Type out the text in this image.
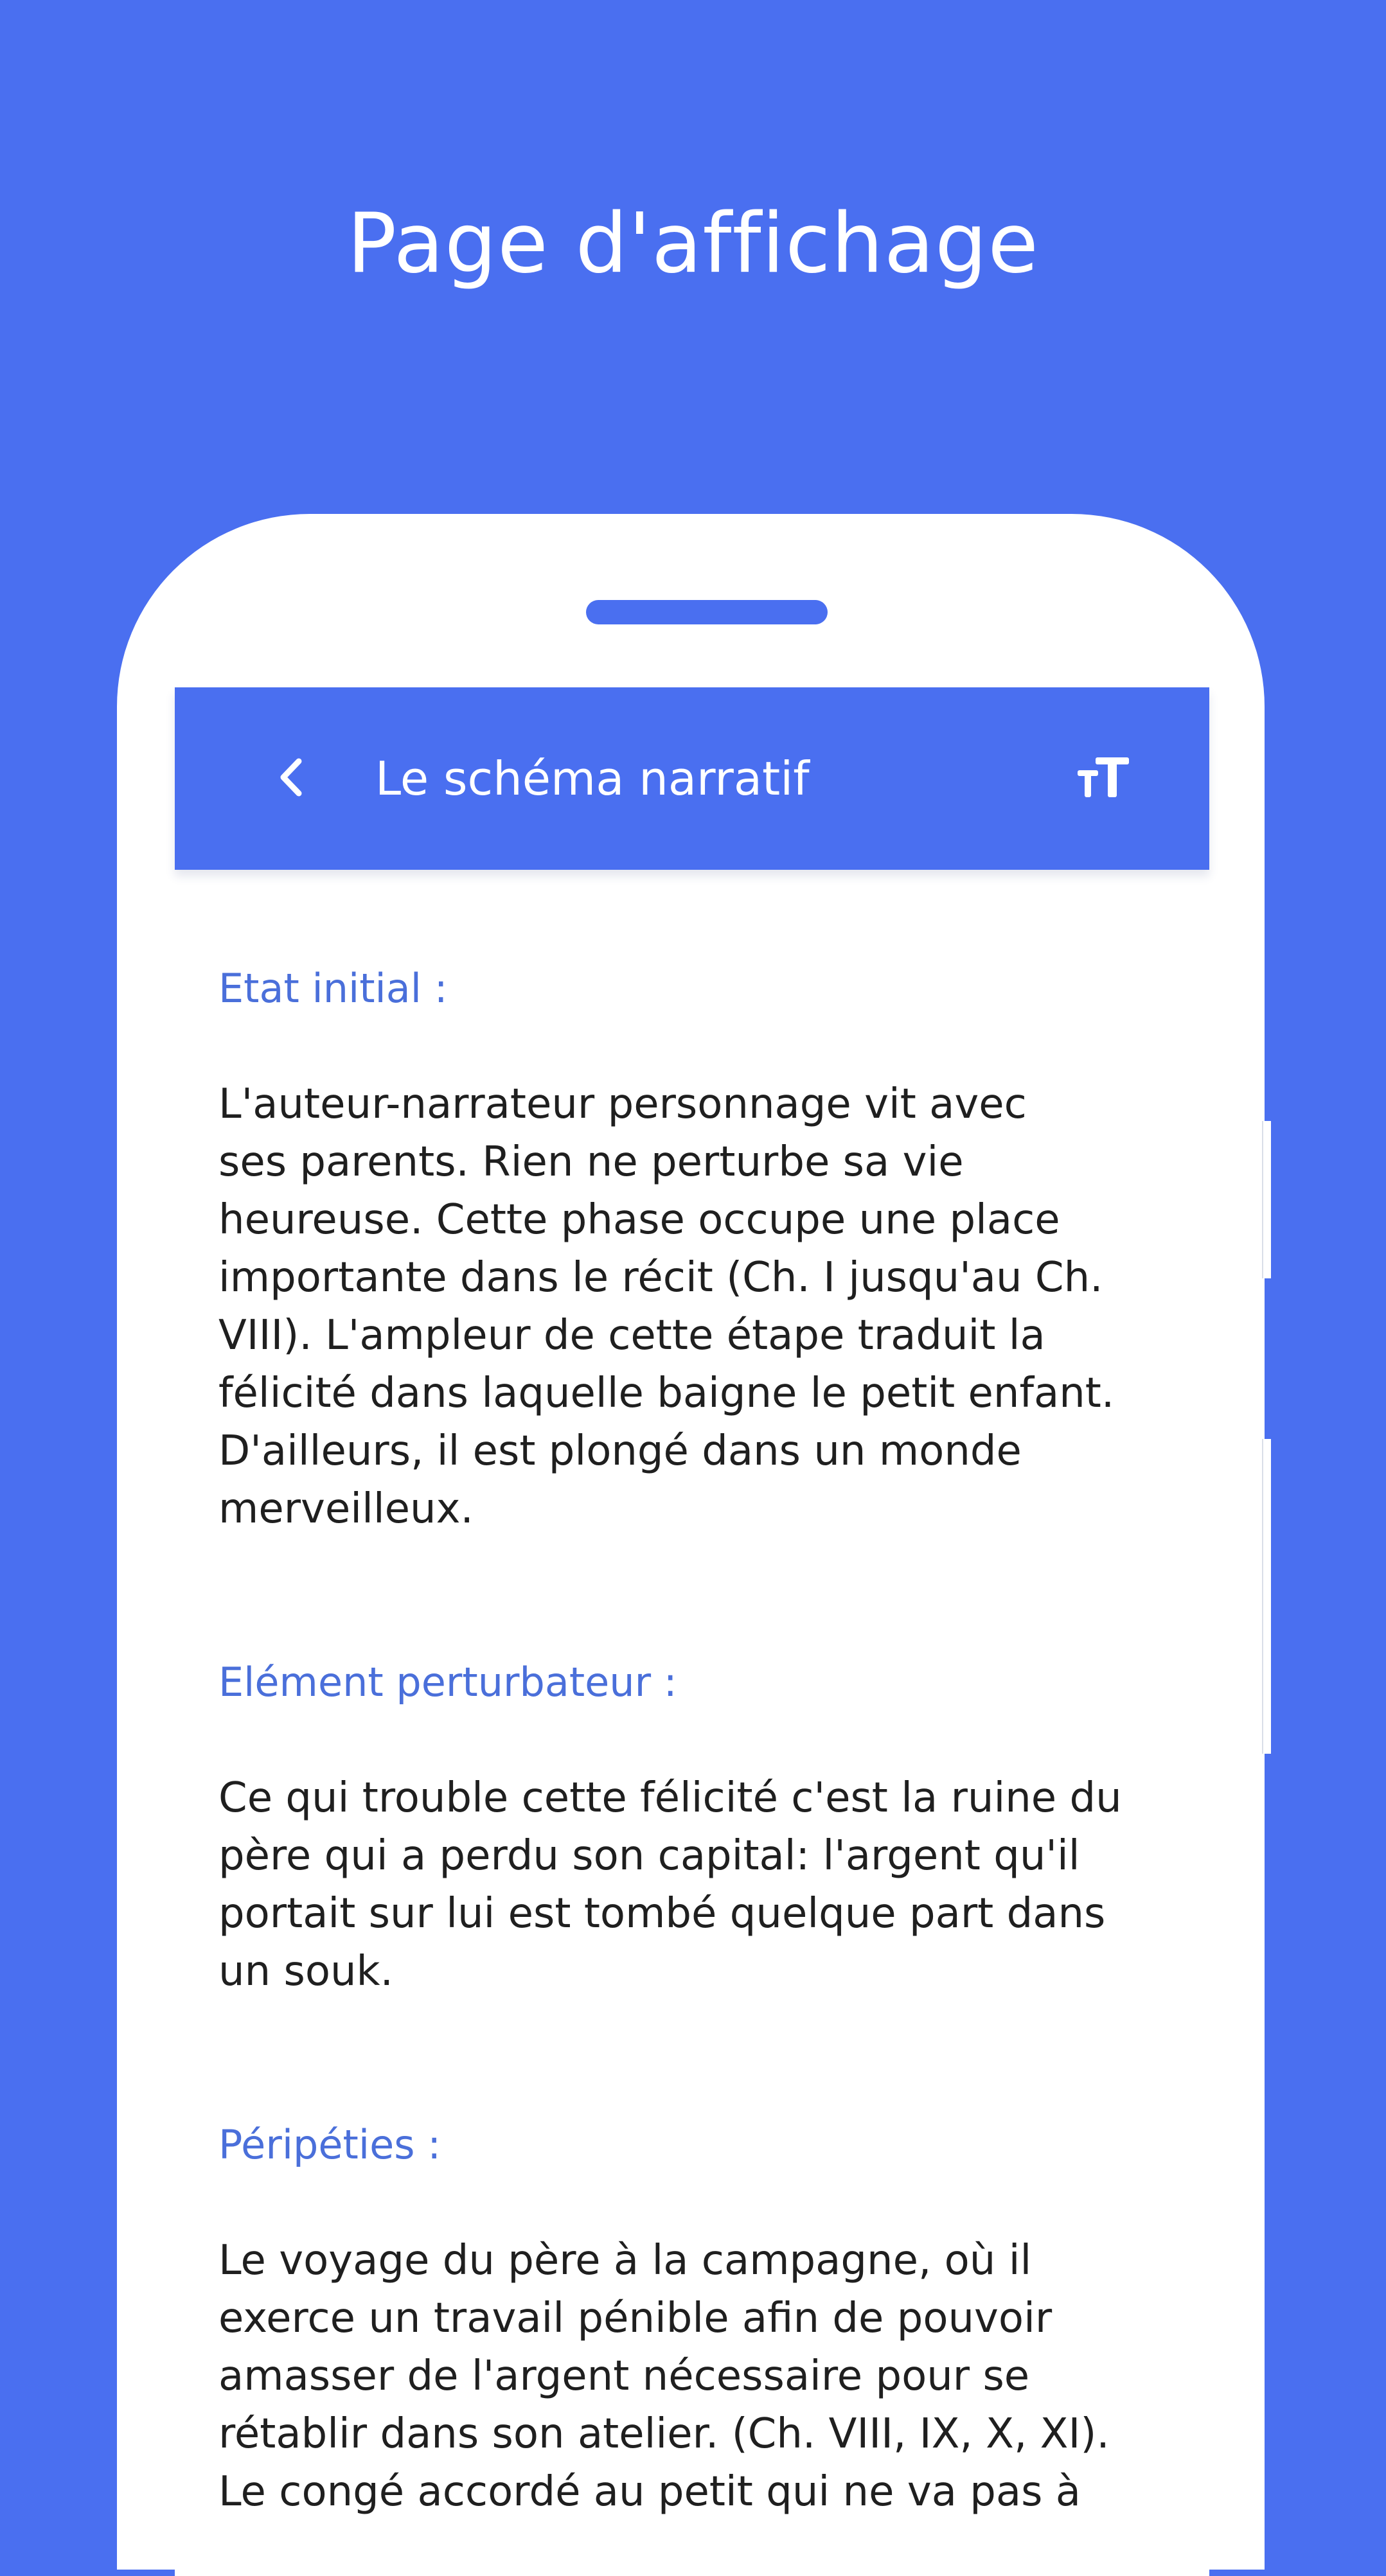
Page d'affichage
Le schéma narratif
Etat initial :
L'auteur-narrateur personnage vit avec
ses parents. Rien ne perturbe sa vie
heureuse. Cette phase occupe une place
importante dans le récit (Ch. I jusqu'au Ch.
VIII). L'ampleur de cette étape traduit la
félicité dans laquelle baigne le petit enfant.
D'ailleurs, il est plongé dans un monde
merveilleux.
Elément perturbateur :
Ce qui trouble cette félicité c'est la ruine du
père qui a perdu son capital: l'argent qu'il
portait sur lui est tombé quelque part dans
un souk.
Péripéties :
Le voyage du père à la campagne, où il
exerce un travail pénible afin de pouvoir
amasser de l'argent nécessaire pour se
rétablir dans son atelier. (Ch. VIII, IX, X, XI).
Le congé accordé au petit qui ne va pas à
